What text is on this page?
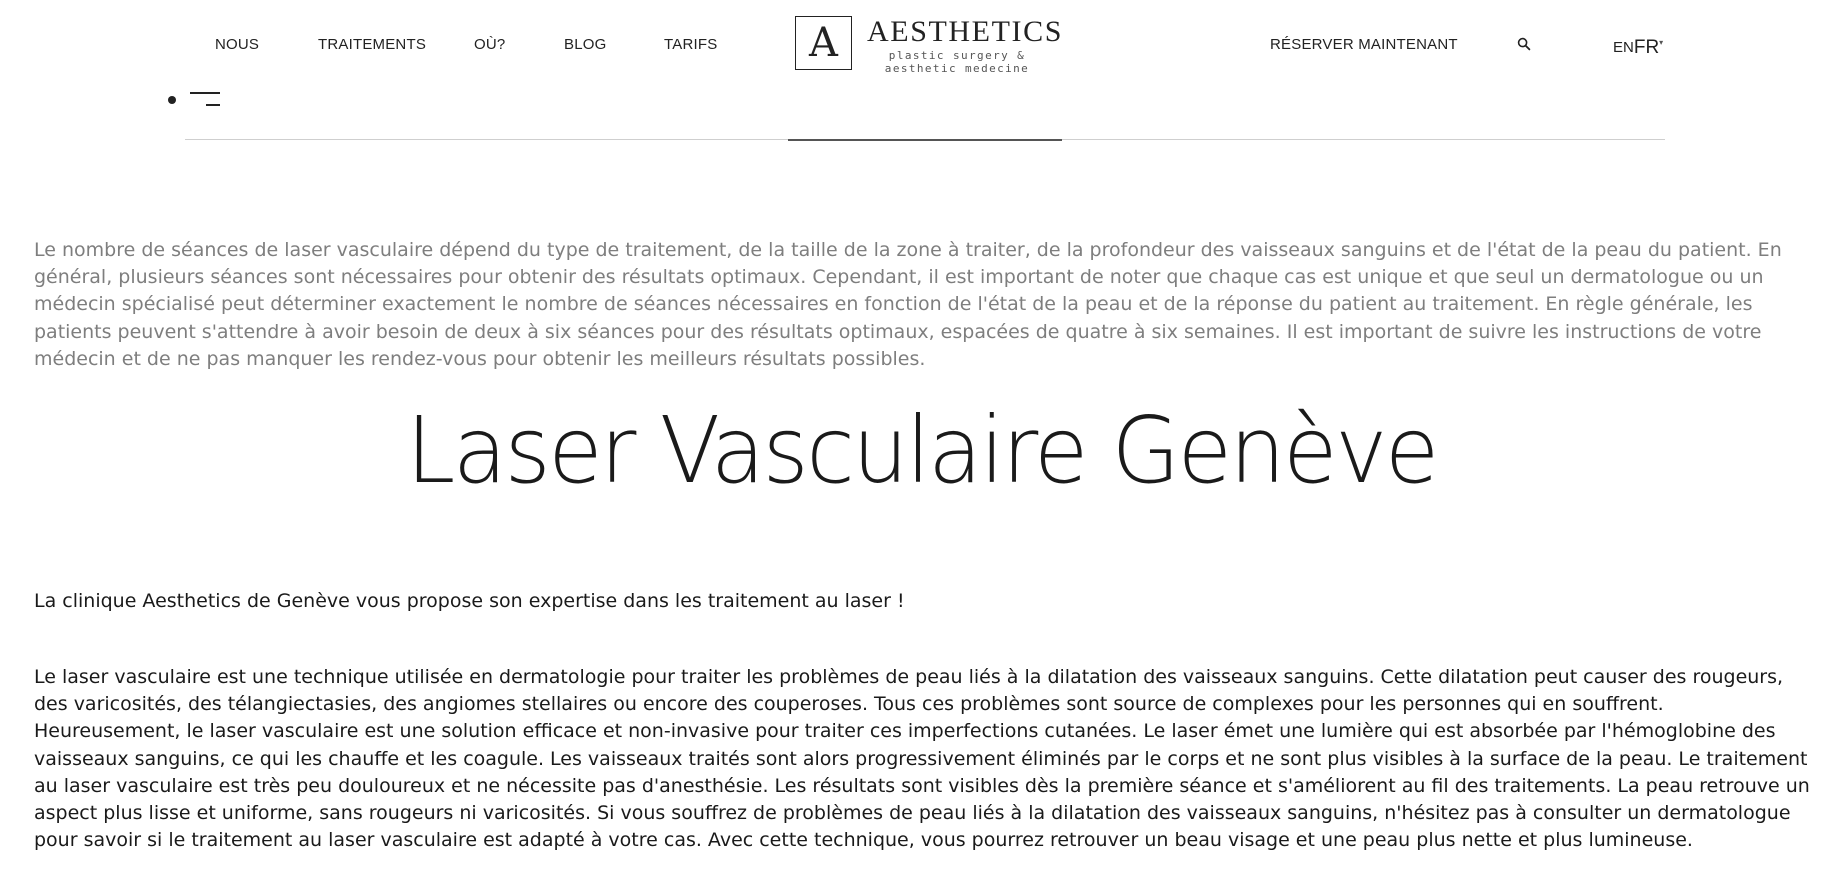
NOUS	TRAITEMENTS	OÙ?	BLOG	TARIFS	A AESTHETICS
plastic surgery &
aesthetic medecine
RÉSERVER MAINTENANT	ENFR▾

Le nombre de séances de laser vasculaire dépend du type de traitement, de la taille de la zone à traiter, de la profondeur des vaisseaux sanguins et de l'état de la peau du patient. En général, plusieurs séances sont nécessaires pour obtenir des résultats optimaux. Cependant, il est important de noter que chaque cas est unique et que seul un dermatologue ou un médecin spécialisé peut déterminer exactement le nombre de séances nécessaires en fonction de l'état de la peau et de la réponse du patient au traitement. En règle générale, les patients peuvent s'attendre à avoir besoin de deux à six séances pour des résultats optimaux, espacées de quatre à six semaines. Il est important de suivre les instructions de votre médecin et de ne pas manquer les rendez-vous pour obtenir les meilleurs résultats possibles.

Laser Vasculaire Genève

La clinique Aesthetics de Genève vous propose son expertise dans les traitement au laser !

Le laser vasculaire est une technique utilisée en dermatologie pour traiter les problèmes de peau liés à la dilatation des vaisseaux sanguins. Cette dilatation peut causer des rougeurs, des varicosités, des télangiectasies, des angiomes stellaires ou encore des couperoses. Tous ces problèmes sont source de complexes pour les personnes qui en souffrent. Heureusement, le laser vasculaire est une solution efficace et non-invasive pour traiter ces imperfections cutanées. Le laser émet une lumière qui est absorbée par l'hémoglobine des vaisseaux sanguins, ce qui les chauffe et les coagule. Les vaisseaux traités sont alors progressivement éliminés par le corps et ne sont plus visibles à la surface de la peau. Le traitement au laser vasculaire est très peu douloureux et ne nécessite pas d'anesthésie. Les résultats sont visibles dès la première séance et s'améliorent au fil des traitements. La peau retrouve un aspect plus lisse et uniforme, sans rougeurs ni varicosités. Si vous souffrez de problèmes de peau liés à la dilatation des vaisseaux sanguins, n'hésitez pas à consulter un dermatologue pour savoir si le traitement au laser vasculaire est adapté à votre cas. Avec cette technique, vous pourrez retrouver un beau visage et une peau plus nette et plus lumineuse.
